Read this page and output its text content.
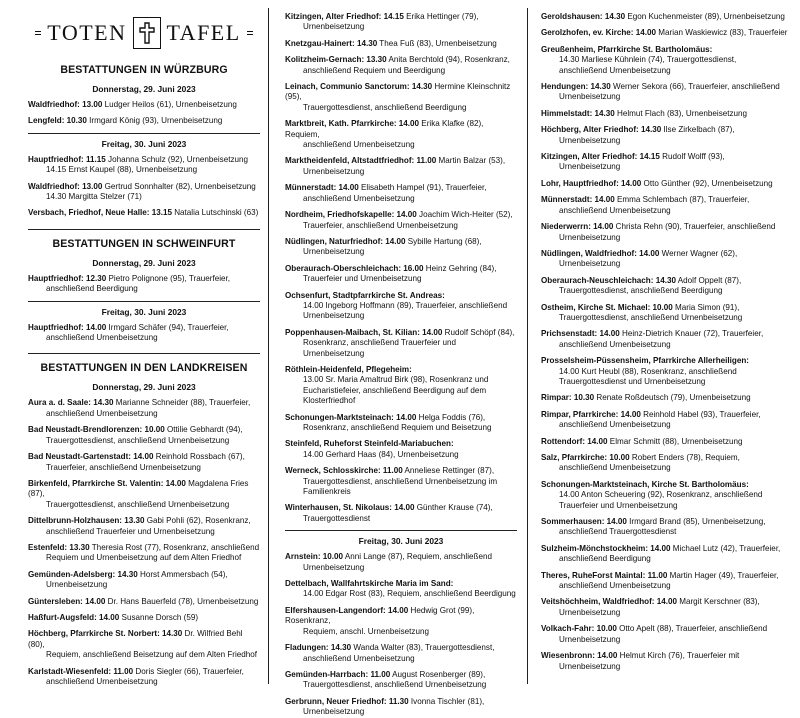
TOTEN TAFEL
BESTATTUNGEN IN WÜRZBURG
Donnerstag, 29. Juni 2023
Waldfriedhof: 13.00 Ludger Heilos (61), Urnenbeisetzung
Lengfeld: 10.30 Irmgard König (93), Urnenbeisetzung
Freitag, 30. Juni 2023
Hauptfriedhof: 11.15 Johanna Schulz (92), Urnenbeisetzung
14.15 Ernst Kaupel (88), Urnenbeisetzung
Waldfriedhof: 13.00 Gertrud Sonnhalter (82), Urnenbeisetzung
14.30 Margitta Stelzer (71)
Versbach, Friedhof, Neue Halle: 13.15 Natalia Lutschinski (63)
BESTATTUNGEN IN SCHWEINFURT
Donnerstag, 29. Juni 2023
Hauptfriedhof: 12.30 Pietro Polignone (95), Trauerfeier,
anschließend Beerdigung
Freitag, 30. Juni 2023
Hauptfriedhof: 14.00 Irmgard Schäfer (94), Trauerfeier,
anschließend Urnenbeisetzung
BESTATTUNGEN IN DEN LANDKREISEN
Donnerstag, 29. Juni 2023
Aura a. d. Saale: 14.30 Marianne Schneider (88), Trauerfeier,
anschließend Urnenbeisetzung
Bad Neustadt-Brendlorenzen: 10.00 Ottilie Gebhardt (94),
Trauergottesdienst, anschließend Urnenbeisetzung
Bad Neustadt-Gartenstadt: 14.00 Reinhold Rossbach (67),
Trauerfeier, anschließend Urnenbeisetzung
Birkenfeld, Pfarrkirche St. Valentin: 14.00 Magdalena Fries (87),
Trauergottesdienst, anschließend Urnenbeisetzung
Dittelbrunn-Holzhausen: 13.30 Gabi Pohli (62), Rosenkranz,
anschließend Trauerfeier und Urnenbeisetzung
Estenfeld: 13.30 Theresia Rost (77), Rosenkranz, anschließend
Requiem und Urnenbeisetzung auf dem Alten Friedhof
Gemünden-Adelsberg: 14.30 Horst Ammersbach (54),
Urnenbeisetzung
Güntersleben: 14.00 Dr. Hans Bauerfeld (78), Urnenbeisetzung
Haßfurt-Augsfeld: 14.00 Susanne Dorsch (59)
Höchberg, Pfarrkirche St. Norbert: 14.30 Dr. Wilfried Behl (80),
Requiem, anschließend Beisetzung auf dem Alten Friedhof
Karlstadt-Wiesenfeld: 11.00 Doris Siegler (66), Trauerfeier,
anschließend Urnenbeisetzung
Kitzingen, Alter Friedhof: 14.15 Erika Hettinger (79),
Urnenbeisetzung
Knetzgau-Hainert: 14.30 Thea Fuß (83), Urnenbeisetzung
Kolitzheim-Gernach: 13.30 Anita Berchtold (94), Rosenkranz,
anschließend Requiem und Beerdigung
Leinach, Communio Sanctorum: 14.30 Hermine Kleinschnitz (95),
Trauergottesdienst, anschließend Beerdigung
Marktbreit, Kath. Pfarrkirche: 14.00 Erika Klafke (82), Requiem,
anschließend Urnenbeisetzung
Marktheidenfeld, Altstadtfriedhof: 11.00 Martin Balzar (53),
Urnenbeisetzung
Münnerstadt: 14.00 Elisabeth Hampel (91), Trauerfeier,
anschließend Urnenbeisetzung
Nordheim, Friedhofskapelle: 14.00 Joachim Wich-Heiter (52),
Trauerfeier, anschließend Urnenbeisetzung
Nüdlingen, Naturfriedhof: 14.00 Sybille Hartung (68),
Urnenbeisetzung
Oberaurach-Oberschleichach: 16.00 Heinz Gehring (84),
Trauerfeier und Urnenbeisetzung
Ochsenfurt, Stadtpfarrkirche St. Andreas:
14.00 Ingeborg Hoffmann (89), Trauerfeier, anschließend
Urnenbeisetzung
Poppenhausen-Maibach, St. Kilian: 14.00 Rudolf Schöpf (84),
Rosenkranz, anschließend Trauerfeier und Urnenbeisetzung
Röthlein-Heidenfeld, Pflegeheim:
13.00 Sr. Maria Amaltrud Birk (98), Rosenkranz und
Eucharistiefeier, anschließend Beerdigung auf dem
Klosterfriedhof
Schonungen-Marktsteinach: 14.00 Helga Foddis (76),
Rosenkranz, anschließend Requiem und Beisetzung
Steinfeld, Ruheforst Steinfeld-Mariabuchen:
14.00 Gerhard Haas (84), Urnenbeisetzung
Werneck, Schlosskirche: 11.00 Anneliese Rettinger (87),
Trauergottesdienst, anschließend Urnenbeisetzung im
Familienkreis
Winterhausen, St. Nikolaus: 14.00 Günther Krause (74),
Trauergottesdienst
Freitag, 30. Juni 2023
Arnstein: 10.00 Anni Lange (87), Requiem, anschließend
Urnenbeisetzung
Dettelbach, Wallfahrtskirche Maria im Sand:
14.00 Edgar Rost (83), Requiem, anschließend Beerdigung
Elfershausen-Langendorf: 14.00 Hedwig Grot (99), Rosenkranz,
Requiem, anschl. Urnenbeisetzung
Fladungen: 14.30 Wanda Walter (83), Trauergottesdienst,
anschließend Urnenbeisetzung
Gemünden-Harrbach: 11.00 August Rosenberger (89),
Trauergottesdienst, anschließend Urnenbeisetzung
Gerbrunn, Neuer Friedhof: 11.30 Ivonna Tischler (81),
Urnenbeisetzung
Geroldshausen: 14.30 Egon Kuchenmeister (89), Urnenbeisetzung
Gerolzhofen, ev. Kirche: 14.00 Marian Waskiewicz (83), Trauerfeier
Greußenheim, Pfarrkirche St. Bartholomäus:
14.30 Marliese Kühnlein (74), Trauergottesdienst,
anschließend Urnenbeisetzung
Hendungen: 14.30 Werner Sekora (66), Trauerfeier, anschließend
Urnenbeisetzung
Himmelstadt: 14.30 Helmut Flach (83), Urnenbeisetzung
Höchberg, Alter Friedhof: 14.30 Ilse Zirkelbach (87),
Urnenbeisetzung
Kitzingen, Alter Friedhof: 14.15 Rudolf Wolff (93),
Urnenbeisetzung
Lohr, Hauptfriedhof: 14.00 Otto Günther (92), Urnenbeisetzung
Münnerstadt: 14.00 Emma Schlembach (87), Trauerfeier,
anschließend Urnenbeisetzung
Niederwerrn: 14.00 Christa Rehn (90), Trauerfeier, anschließend
Urnenbeisetzung
Nüdlingen, Waldfriedhof: 14.00 Werner Wagner (62),
Urnenbeisetzung
Oberaurach-Neuschleichach: 14.30 Adolf Oppelt (87),
Trauergottesdienst, anschließend Beerdigung
Ostheim, Kirche St. Michael: 10.00 Maria Simon (91),
Trauergottesdienst, anschließend Urnenbeisetzung
Prichsenstadt: 14.00 Heinz-Dietrich Knauer (72), Trauerfeier,
anschließend Urnenbeisetzung
Prosselsheim-Püssensheim, Pfarrkirche Allerheiligen:
14.00 Kurt Heubl (88), Rosenkranz, anschließend
Trauergottesdienst und Urnenbeisetzung
Rimpar: 10.30 Renate Roßdeutsch (79), Urnenbeisetzung
Rimpar, Pfarrkirche: 14.00 Reinhold Habel (93), Trauerfeier,
anschließend Urnenbeisetzung
Rottendorf: 14.00 Elmar Schmitt (88), Urnenbeisetzung
Salz, Pfarrkirche: 10.00 Robert Enders (78), Requiem,
anschließend Urnenbeisetzung
Schonungen-Marktsteinach, Kirche St. Bartholomäus:
14.00 Anton Scheuering (92), Rosenkranz, anschließend
Trauerfeier und Urnenbeisetzung
Sommerhausen: 14.00 Irmgard Brand (85), Urnenbeisetzung,
anschließend Trauergottesdienst
Sulzheim-Mönchstockheim: 14.00 Michael Lutz (42), Trauerfeier,
anschließend Beerdigung
Theres, RuheForst Maintal: 11.00 Martin Hager (49), Trauerfeier,
anschließend Urnenbeisetzung
Veitshöchheim, Waldfriedhof: 14.00 Margit Kerschner (83),
Urnenbeisetzung
Volkach-Fahr: 10.00 Otto Apelt (88), Trauerfeier, anschließend
Urnenbeisetzung
Wiesenbronn: 14.00 Helmut Kirch (76), Trauerfeier mit
Urnenbeisetzung
